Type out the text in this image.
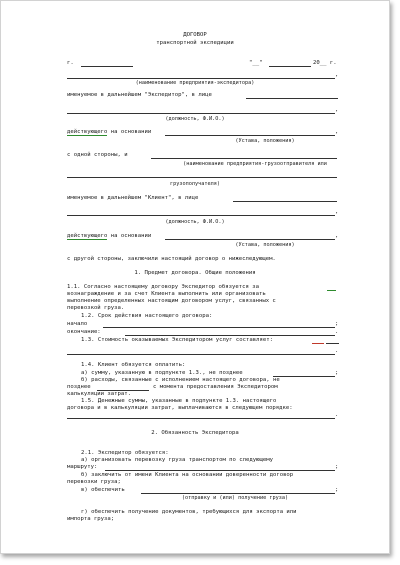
ДОГОВОР
транспортной экспедиции
г.	"__"	20__ г.
,
(наименование предприятия-экспедитора)
именуемое в дальнейшем "Экспедитор", в лице
,
(должность, Ф.И.О.)
действующего на основании	,
(Устава, положения)
с одной стороны, и
(наименование предприятия-грузоотправителя или
грузополучателя)
именуемое в дальнейшем "Клиент", в лице
,
(должность, Ф.И.О.)
действующего на основании	,
(Устава, положения)
с другой стороны, заключили настоящий договор о нижеследующем.
1. Предмет договора. Общие положения
1.1. Согласно настоящему договору Экспедитор обязуется за
вознаграждение и за счет Клиента выполнить или организовать
выполнение определенных настоящим договором услуг, связанных с
перевозкой груза.
1.2. Срок действия настоящего договора:
начало	;
окончание:	.
1.3. Стоимость оказываемых Экспедитором услуг составляет:
.
1.4. Клиент обязуется оплатить:
а) сумму, указанную в подпункте 1.3., не позднее	;
б) расходы, связанные с исполнением настоящего договора, не
позднее	с момента предоставления Экспедитором
калькуляции затрат.
1.5. Денежные суммы, указанные в подпункте 1.3. настоящего
договора и в калькуляции затрат, выплачиваются в следующем порядке:
.
2. Обязанность Экспедитора
2.1. Экспедитор обязуется:
а) организовать перевозку груза транспортом по следующему
маршруту:	;
б) заключить от имени Клиента на основании доверенности договор
перевозки груза;
в) обеспечить	;
(отправку и (или) получение груза)
г) обеспечить получение документов, требующихся для экспорта или
импорта груза;
